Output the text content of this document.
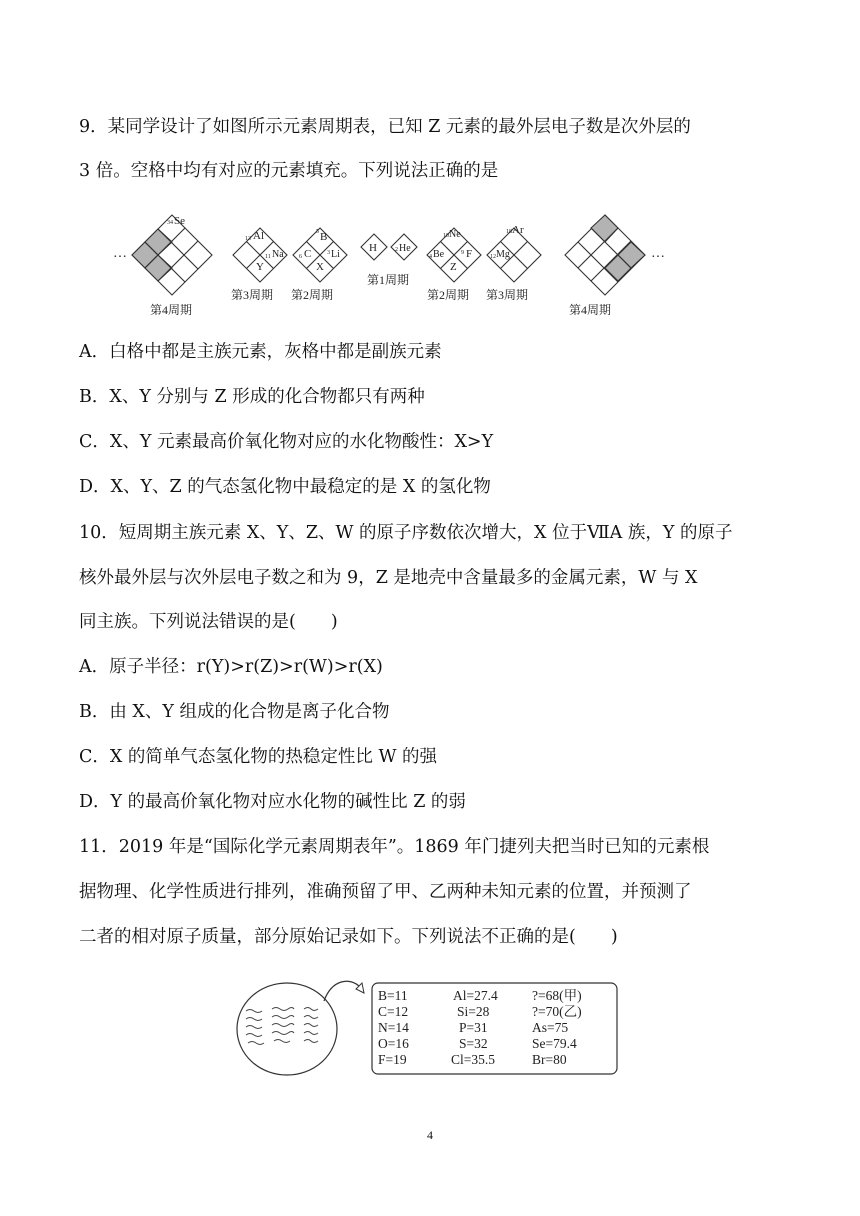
9．某同学设计了如图所示元素周期表，已知 Z 元素的最外层电子数是次外层的
3 倍。空格中均有对应的元素填充。下列说法正确的是
…	…
34 Se
13 Al
11 Na
Y
5 B
6 C	3 Li
X
H	2 He
10 Ne
4 Be	9 F
Z
18 Ar
12 Mg
第4周期
第3周期 第2周期
第1周期
第2周期 第3周期
第4周期
A．白格中都是主族元素，灰格中都是副族元素
B．X、Y 分别与 Z 形成的化合物都只有两种
C．X、Y 元素最高价氧化物对应的水化物酸性：X>Y
D．X、Y、Z 的气态氢化物中最稳定的是 X 的氢化物
10．短周期主族元素 X、Y、Z、W 的原子序数依次增大，X 位于ⅦA 族，Y 的原子
核外最外层与次外层电子数之和为 9，Z 是地壳中含量最多的金属元素，W 与 X
同主族。下列说法错误的是(　　)
A．原子半径：r(Y)>r(Z)>r(W)>r(X)
B．由 X、Y 组成的化合物是离子化合物
C．X 的简单气态氢化物的热稳定性比 W 的强
D．Y 的最高价氧化物对应水化物的碱性比 Z 的弱
11．2019 年是“国际化学元素周期表年”。1869 年门捷列夫把当时已知的元素根
据物理、化学性质进行排列，准确预留了甲、乙两种未知元素的位置，并预测了
二者的相对原子质量，部分原始记录如下。下列说法不正确的是(　　)
B=11	Al=27.4	?=68(甲)
C=12	Si=28	?=70(乙)
N=14	P=31	As=75
O=16	S=32	Se=79.4
F=19	Cl=35.5	Br=80
4
